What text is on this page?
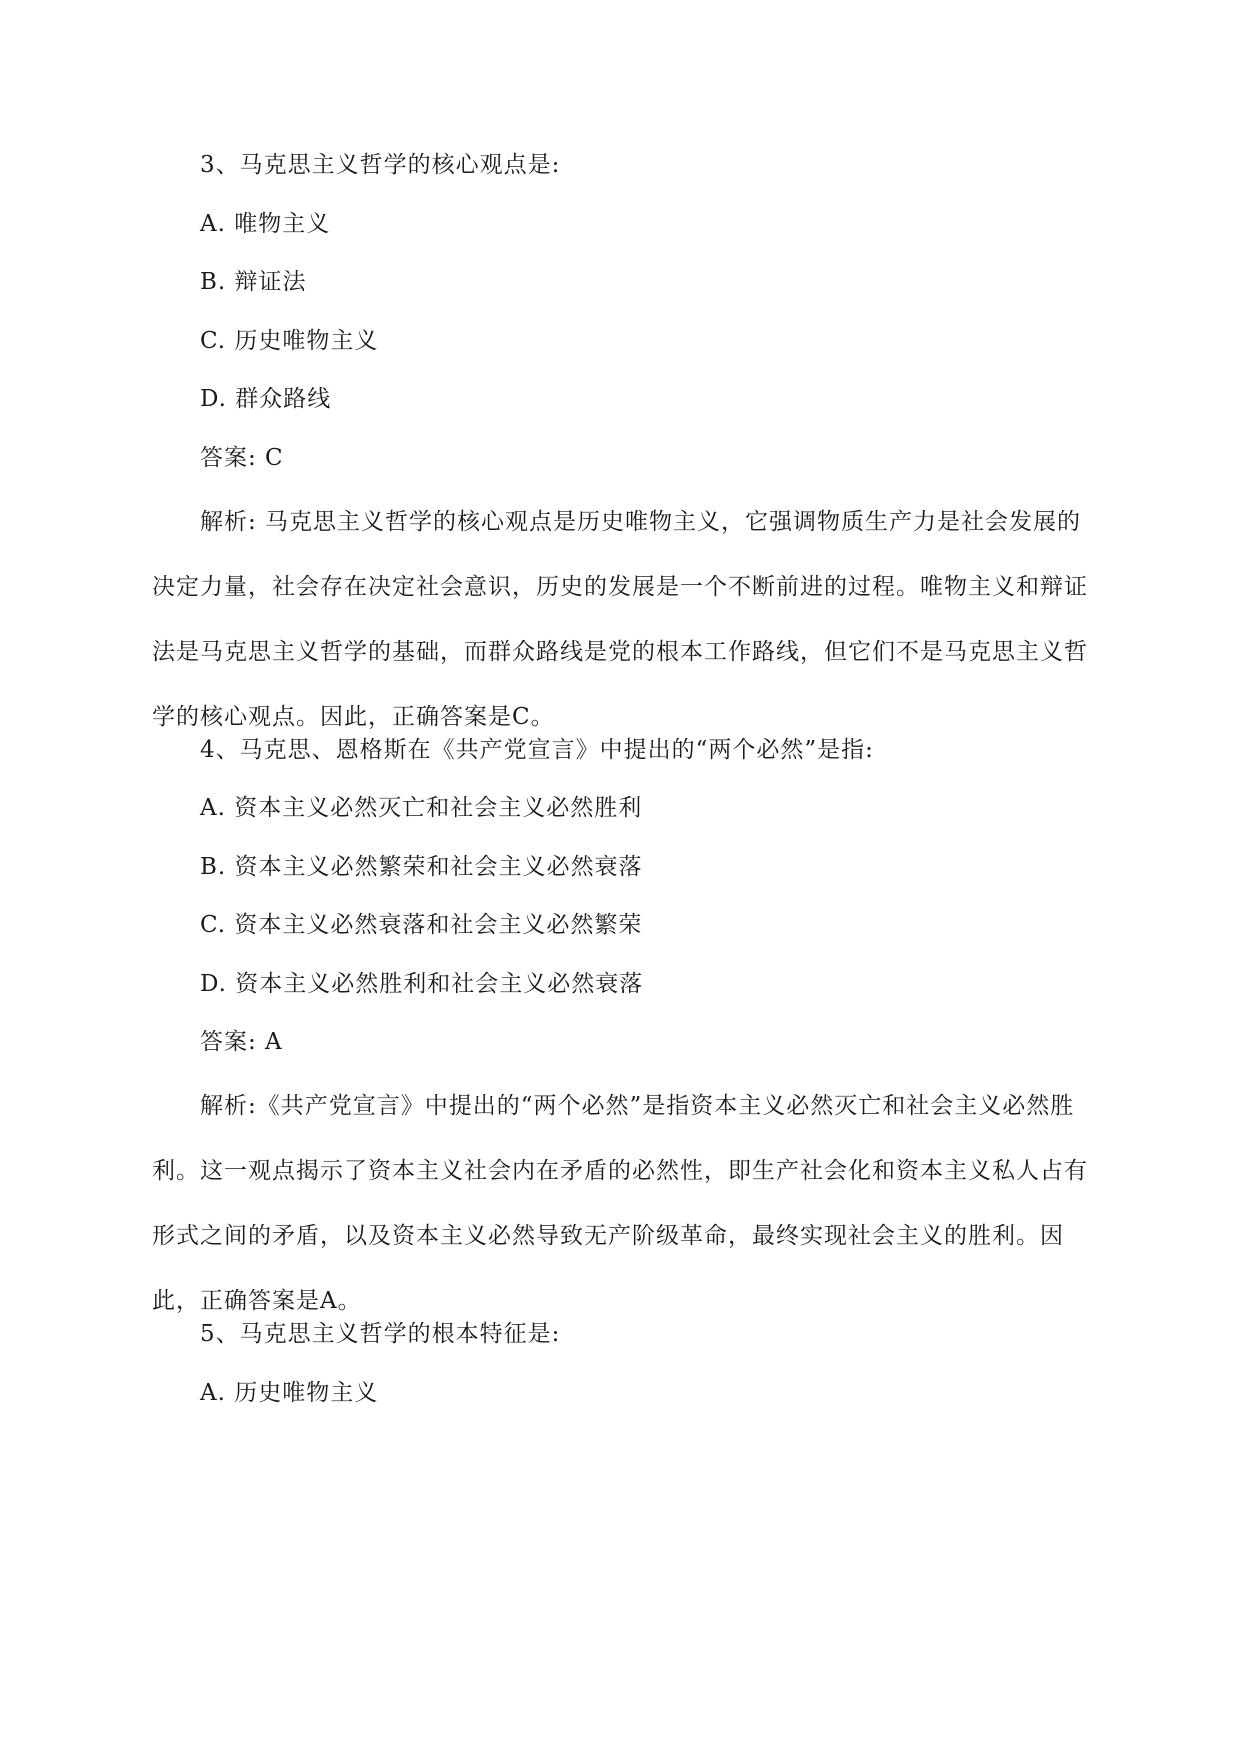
3、马克思主义哲学的核心观点是:
A. 唯物主义
B. 辩证法
C. 历史唯物主义
D. 群众路线
答案: C
解析: 马克思主义哲学的核心观点是历史唯物主义，它强调物质生产力是社会发展的决定力量，社会存在决定社会意识，历史的发展是一个不断前进的过程。唯物主义和辩证法是马克思主义哲学的基础，而群众路线是党的根本工作路线，但它们不是马克思主义哲学的核心观点。因此，正确答案是C。
4、马克思、恩格斯在《共产党宣言》中提出的“两个必然”是指:
A. 资本主义必然灭亡和社会主义必然胜利
B. 资本主义必然繁荣和社会主义必然衰落
C. 资本主义必然衰落和社会主义必然繁荣
D. 资本主义必然胜利和社会主义必然衰落
答案: A
解析:《共产党宣言》中提出的“两个必然”是指资本主义必然灭亡和社会主义必然胜利。这一观点揭示了资本主义社会内在矛盾的必然性，即生产社会化和资本主义私人占有形式之间的矛盾，以及资本主义必然导致无产阶级革命，最终实现社会主义的胜利。因此，正确答案是A。
5、马克思主义哲学的根本特征是:
A. 历史唯物主义
